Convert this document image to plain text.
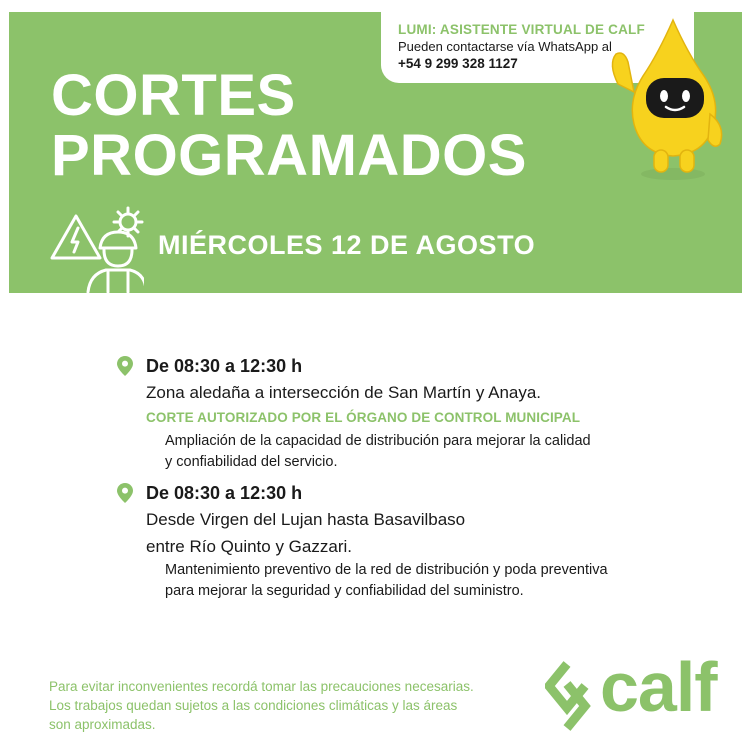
LUMI: ASISTENTE VIRTUAL DE CALF
Pueden contactarse vía WhatsApp al
+54 9 299 328 1127
CORTES
PROGRAMADOS
MIÉRCOLES 12 DE AGOSTO
De 08:30 a 12:30 h
Zona aledaña a intersección de San Martín y Anaya.
CORTE AUTORIZADO POR EL ÓRGANO DE CONTROL MUNICIPAL
Ampliación de la capacidad de distribución para mejorar la calidad
y confiabilidad del servicio.
De 08:30 a 12:30 h
Desde Virgen del Lujan hasta Basavilbaso
entre Río Quinto y Gazzari.
Mantenimiento preventivo de la red de distribución y poda preventiva
para mejorar la seguridad y confiabilidad del suministro.
Para evitar inconvenientes recordá tomar las precauciones necesarias.
Los trabajos quedan sujetos a las condiciones climáticas y las áreas
son aproximadas.	calf
